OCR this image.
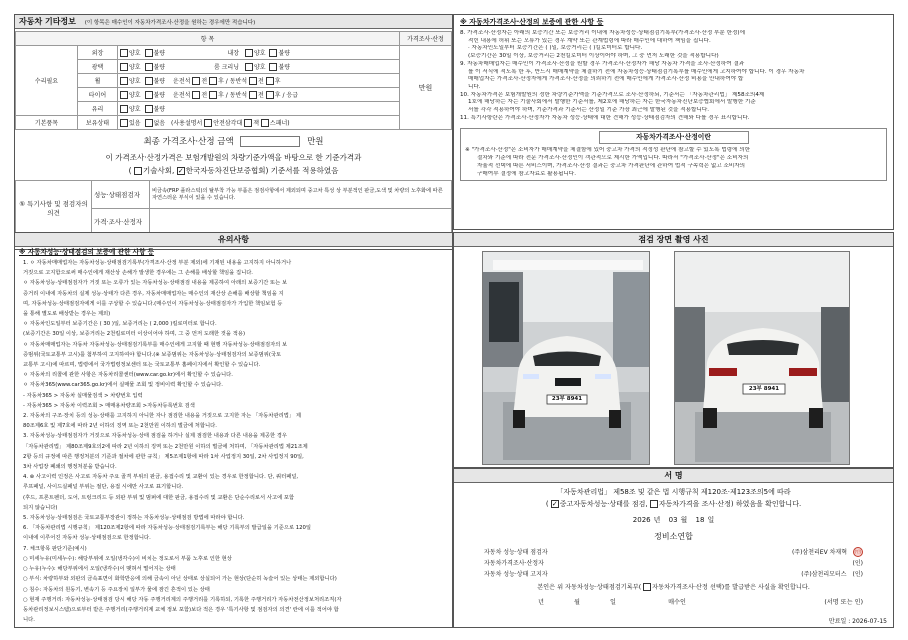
자동차 기타정보 (이 항목은 매수인이 자동차가격조사·산정을 원하는 경우에만 적습니다)
항 목			가격조사·산정
수리필요	외장	양호 불량 내장 양호 불량	만원
	광택	양호 불량 룸 크리닝 양호 불량	
	휠	양호 불량 운전석 전 후 / 동반석 전 후	
	타이어	양호 불량 운전석 전 후 / 동반석 전 후 / 응급	
	유리	양호 불량	
기본품목	보유상태	있음 없음 (사용설명서 안전삼각대 잭 스패너)	
최종 가격조사·산정 금액	만원
이 가격조사·산정가격은 보험개발원의 차량기준가액을 바탕으로 한 기준가격과
( 기술사회, ✓ 한국자동차진단보증협회) 기준서를 적용하였음
⑤ 특기사항 및 점검자의 의견	성능·상태점검자	비금속(FRP 플라스틱)의 탈부착 가능 부품은 점검사항에서 제외되며 중고차 특성 상 부분적인 판금,도색 및 차량의 노후화에 따른 자연스러운 부식이 있을 수 있습니다.
	가격·조사·산정자	
※ 자동차가격조사·산정의 보증에 관한 사항 등
8. 가격조사·산정자는 아래의 보증기간 또는 보증거리 이내에 자동차성능·상태점검기록부(가격조사·산정 부분 한정)에
적힌 내용에 허위 또는 오류가 있는 경우 계약 또는 관계법령에 따라 매수인에 대하여 책임을 집니다.
· 자동차인도일부터 보증기간은 ( )일, 보증거리는 ( )킬로미터로 합니다.
(보증기간은 30일 이상, 보증거리는 2천킬로미터 이상이어야 하며, 그 중 먼저 도래한 것을 적용합니다)
9. 자동차매매업자는 매수인이 가격조사·산정을 원할 경우 가격조사·산정자가 해당 자동차 가격을 조사·산정하여 결과
를 이 서식에 적도록 한 후, 반드시 매매계약을 체결하기 전에 자동차성능·상태점검기록부를 매수인에게 고지하여야 합니다. 이 경우 자동차
매매업자는 가격조사·산정자에게 가격조사·산정을 의뢰하기 전에 매수인에게 가격조사·산정 비용을 안내하여야 합
니다.
10. 자동차가격은 보험개발원의 정한 차량기준가액을 기준가격으로 조사·산정하되, 기준서는 「자동차관리법」 제58조의4제
1호에 해당하는 자는 기술사회에서 발행한 기준서를, 제2호에 해당하는 자는 한국자동차진단보증협회에서 발행한 기준
서를 각각 적용하여야 하며, 기준가격과 기준서는 산정일 기준 가장 최근에 발행된 것을 적용합니다.
11. 특기사항란은 가격조사·산정자가 자동차 성능·상태에 대한 견해가 성능·상태점검자의 견해와 다를 경우 표시합니다.
자동차가격조사·산정이란
※ "가격조사·산정"은 소비자가 매매계약을 체결함에 있어 중고차 가격의 적정성 판단에 참고할 수 있도록 법령에 의한
절차와 기준에 따라 전문 가격조사·산정인이 객관적으로 제시한 가액입니다. 따라서 "가격조사·산정"은 소비자의
자율적 선택에 따른 서비스이며, 가격조사·산정 결과는 중고차 가격판단에 관하여 법적 구속력은 없고 소비자의
구매여부 결정에 참고자료로 활용됩니다.
유의사항
※ 자동차성능·상태점검의 보증에 관한 사항 등
1. ㅇ 자동차매매업자는 자동차성능·상태점검기록부(가격조사·산정 부분 제외)에 기재된 내용을 고지하지 아니하거나
거짓으로 고지함으로써 매수인에게 재산상 손해가 발생한 경우에는 그 손해를 배상할 책임을 집니다.
ㅇ 자동차성능·상태점검자가 거짓 또는 오류가 있는 자동차성능·상태점검 내용을 제공하여 아래의 보증기간 또는 보
증거리 이내에 자동차의 실제 성능·상태가 다른 경우, 자동차매매업자는 매수인의 재산상 손해를 배상할 책임을 지
며, 자동차성능·상태점검자에게 이를 구상할 수 있습니다.(매수인이 자동차성능·상태점검자가 가입한 책임보험 등
을 통해 별도로 배상받는 경우는 제외)
ㅇ 자동차인도일부터 보증기간은 ( 30 )일, 보증거리는 ( 2,000 )킬로미터로 합니다.
(보증기간은 30일 이상, 보증거리는 2천킬로미터 이상이어야 하며, 그 중 먼저 도래한 것을 적용)
ㅇ 자동차매매업자는 자동차 자동차성능·상태점검기록부를 매수인에게 고지할 때 현행 자동차성능·상태점검자의 보
증범위(국토교통부 고시)를 첨부하여 고지하여야 합니다.(※ 보증범위는 자동차성능·상태점검자의 보증범위(국토
교통부 고시)에 따르며, 법령에서 국가법령정보센터 또는 국토교통부 홈페이지에서 확인할 수 있습니다.
ㅇ 자동차의 리콜에 관한 사항은 자동차리콜센터(www.car.go.kr)에서 확인할 수 있습니다.
ㅇ 자동차365(www.car365.go.kr)에서 실매물 조회 및 정비이력 확인할 수 있습니다.
- 자동차365 > 자동차 실매물검색 > 차량번호 입력
- 자동차365 > 자동차 이력조회 > 매매용차량조회 >자동차등록번호 검색
2. 자동차의 구조·장치 등의 성능·상태를 고지하지 아니한 자나 점검한 내용을 거짓으로 고지한 자는 「자동차관리법」 제
80조제6호 및 제7호에 따라 2년 이하의 징역 또는 2천만원 이하의 벌금에 처합니다.
3. 자동차성능·상태점검자가 거짓으로 자동차성능·상태 점검을 하거나 실제 점검한 내용과 다른 내용을 제공한 경우
「자동차관리법」 제80조제9호의2에 따라 2년 이하의 징역 또는 2천만원 이하의 벌금에 처하며, 「자동차관리법 제21조제
2항 등의 규정에 따른 행정처분의 기준과 절차에 관한 규칙」 제5조제1항에 따라 1차 사업정지 30일, 2차 사업정지 90일,
3차 사업장 폐쇄의 행정처분을 받습니다.
4. ⊛ 사고이력 인정은 사고로 자동차 주요 골격 부위의 판금, 용접수리 및 교환이 있는 경우로 한정합니다. 단, 쿼터패널,
루프패널, 사이드실패널 부위는 절단, 용접 시에만 사고로 표기합니다.
(후드, 프론트펜더, 도어, 트렁크리드 등 외판 부위 및 범퍼에 대한 판금, 용접수리 및 교환은 단순수리로서 사고에 포함
되지 않습니다)
5. 자동차성능·상태점검은 국토교통부장관이 정하는 자동차성능·상태점검 방법에 따라야 합니다.
6. 「자동차관리법 시행규칙」 제120조제2항에 따라 자동차성능·상태점검기록부는 해당 기록부의 발급일을 기준으로 120일
이내에 이루어진 자동차 성능·상태점검으로 한정합니다.
7. 체크항목 판단기준(예시)
○ 미세누유(미세누수): 해당부위에 오일(냉각수)이 비치는 정도로서 부품 노후로 인한 현상
○ 누유(누수): 해당부위에서 오일(냉각수)이 맺혀서 떨어지는 상태
○ 부식: 차량하부와 외판의 금속표면이 화학반응에 의해 금속이 아닌 상태로 상실되어 가는 현상(단순히 녹슬어 있는 상태는 제외합니다)
○ 침수: 자동차의 원동기, 변속기 등 주요장치 일부가 물에 잠긴 흔적이 있는 상태
○ 현재 주행거리: 자동차성능·상태점검 당시 해당 자동 주행거리계의 주행거리를 기록하되, 기록한 주행거리가 자동차전산정보처리조직(자
동차관리정보시스템)으로부터 받은 주행거리(주행거리계 교체 정보 포함)보다 적은 경우 '특기사항 및 점검자의 의견' 란에 이를 적어야 합
니다.
점검 장면 촬영 사진
23부 8941
23부 8941
서 명
「자동차관리법」 제58조 및 같은 법 시행규칙 제120조·제123조의5에 따라
( ✓ 중고자동차성능·상태를 점검, 자동차가격을 조사·산정) 하였음을 확인합니다.
2026 년 03 월 18 일
정비소연합
자동차 성능·상태 점검자	(주)삼천리EV 차재혁	(인)
자동차가격조사·산정자	(인)
자동차 성능·상태 고지자	(주)삼천리모터스	(인)
본인은 위 자동차성능·상태점검기록부( 자동차가격조사·산정 선택)를 발급받은 사실을 확인합니다.
년	월	일	매수인	(서명 또는 인)
만료일 : 2026-07-15
